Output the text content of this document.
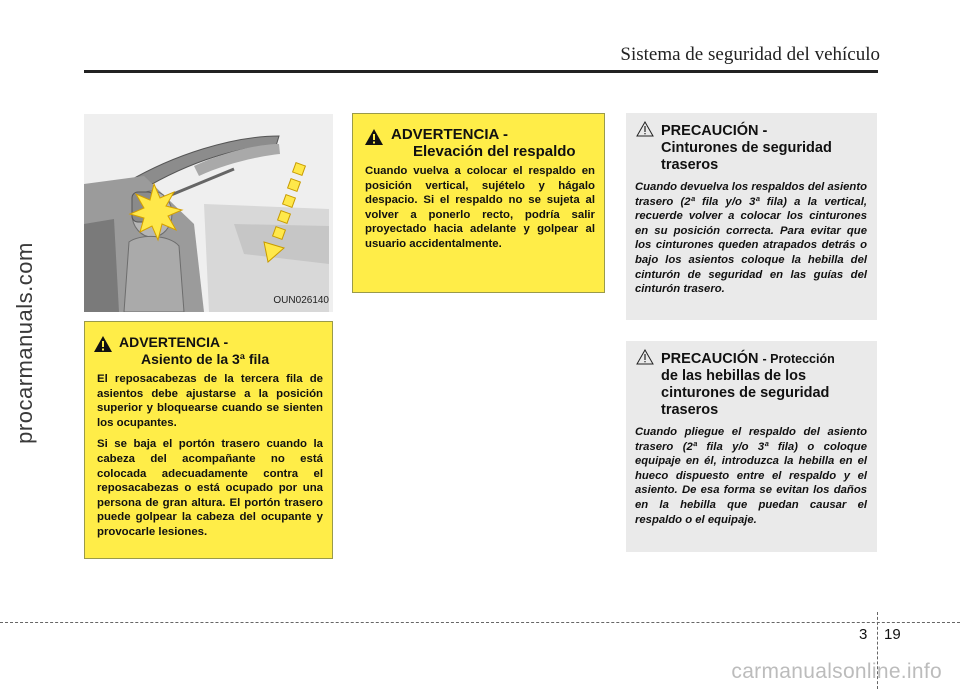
procarmanuals.com
Sistema de seguridad del vehículo
OUN026140
ADVERTENCIA -
Elevación del respaldo

Cuando vuelva a colocar el respaldo en posición vertical, sujételo y hágalo despacio. Si el respaldo no se sujeta al volver a ponerlo recto, podría salir proyectado hacia adelante y golpear al usuario accidentalmente.

ADVERTENCIA -
Asiento de la 3ª fila

El reposacabezas de la tercera fila de asientos debe ajustarse a la posición superior y bloquearse cuando se sienten los ocupantes.

Si se baja el portón trasero cuando la cabeza del acompañante no está colocada adecuadamente contra el reposacabezas o está ocupado por una persona de gran altura. El portón trasero puede golpear la cabeza del ocupante y provocarle lesiones.

PRECAUCIÓN -
Cinturones de seguridad
traseros

Cuando devuelva los respaldos del asiento trasero (2ª fila y/o 3ª fila) a la vertical, recuerde volver a colocar los cinturones en su posición correcta. Para evitar que los cinturones queden atrapados detrás o bajo los asientos coloque la hebilla del cinturón de seguridad en las guías del cinturón trasero.

PRECAUCIÓN - Protección
de las hebillas de los
cinturones de seguridad
traseros

Cuando pliegue el respaldo del asiento trasero (2ª fila y/o 3ª fila) o coloque equipaje en él, introduzca la hebilla en el hueco dispuesto entre el respaldo y el asiento. De esa forma se evitan los daños en la hebilla que puedan causar el respaldo o el equipaje.

3 19
carmanualsonline.info
